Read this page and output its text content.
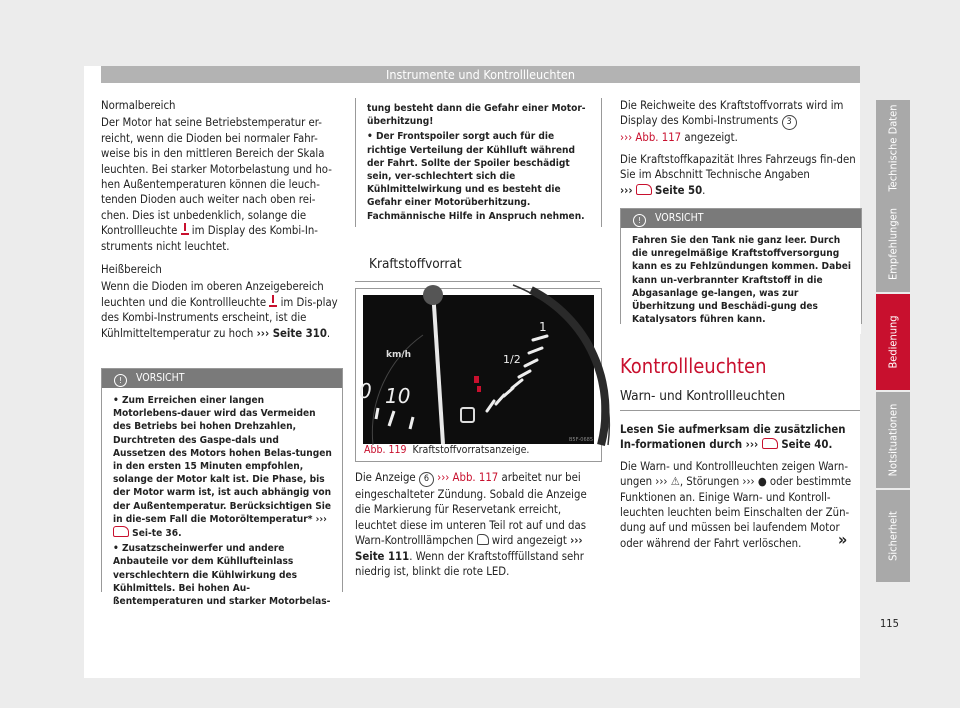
Instrumente und Kontrollleuchten

Normalbereich

Der Motor hat seine Betriebstemperatur er-reicht, wenn die Dioden bei normaler Fahr-weise bis in den mittleren Bereich der Skala leuchten. Bei starker Motorbelastung und ho-hen Außentemperaturen können die leuch-tenden Dioden auch weiter nach oben rei-chen. Dies ist unbedenklich, solange die Kontrollleuchte im Display des Kombi-In-struments nicht leuchtet.

Heißbereich

Wenn die Dioden im oberen Anzeigebereich leuchten und die Kontrollleuchte im Dis-play des Kombi-Instruments erscheint, ist die Kühlmitteltemperatur zu hoch ››› Seite 310.

! VORSICHT

• Zum Erreichen einer langen Motorlebens-dauer wird das Vermeiden des Betriebs bei hohen Drehzahlen, Durchtreten des Gaspe-dals und Aussetzen des Motors hohen Belas-tungen in den ersten 15 Minuten empfohlen, solange der Motor kalt ist. Die Phase, bis der Motor warm ist, ist auch abhängig von der Außentemperatur. Berücksichtigen Sie in die-sem Fall die Motoröltemperatur* ›››  Sei-te 36.

• Zusatzscheinwerfer und andere Anbauteile vor dem Kühllufteinlass verschlechtern die Kühlwirkung des Kühlmittels. Bei hohen Au-ßentemperaturen und starker Motorbelas-

tung besteht dann die Gefahr einer Motor-überhitzung!

• Der Frontspoiler sorgt auch für die richtige Verteilung der Kühlluft während der Fahrt. Sollte der Spoiler beschädigt sein, ver-schlechtert sich die Kühlmittelwirkung und es besteht die Gefahr einer Motorüberhitzung. Fachmännische Hilfe in Anspruch nehmen.

Kraftstoffvorrat
km/h
0 10
1
1/2
B5F-0685
Abb. 119 Kraftstoffvorratsanzeige.

Die Anzeige 6 ››› Abb. 117 arbeitet nur bei eingeschalteter Zündung. Sobald die Anzeige die Markierung für Reservetank erreicht, leuchtet diese im unteren Teil rot auf und das Warn-Kontrolllämpchen wird angezeigt ››› Seite 111. Wenn der Kraftstofffüllstand sehr niedrig ist, blinkt die rote LED.

Die Reichweite des Kraftstoffvorrats wird im Display des Kombi-Instruments 3
››› Abb. 117 angezeigt.

Die Kraftstoffkapazität Ihres Fahrzeugs fin-den Sie im Abschnitt Technische Angaben
››› Seite 50.

! VORSICHT

Fahren Sie den Tank nie ganz leer. Durch die unregelmäßige Kraftstoffversorgung kann es zu Fehlzündungen kommen. Dabei kann un-verbrannter Kraftstoff in die Abgasanlage ge-langen, was zur Überhitzung und Beschädi-gung des Katalysators führen kann.

Kontrollleuchten
Warn- und Kontrollleuchten

Lesen Sie aufmerksam die zusätzlichen In-formationen durch ››› Seite 40.

Die Warn- und Kontrollleuchten zeigen Warn-ungen ››› ⚠, Störungen ››› ● oder bestimmte Funktionen an. Einige Warn- und Kontroll-leuchten leuchten beim Einschalten der Zün-dung auf und müssen bei laufendem Motor oder während der Fahrt verlöschen.	»
Technische Daten
Empfehlungen
Bedienung
Notsituationen
Sicherheit
115
